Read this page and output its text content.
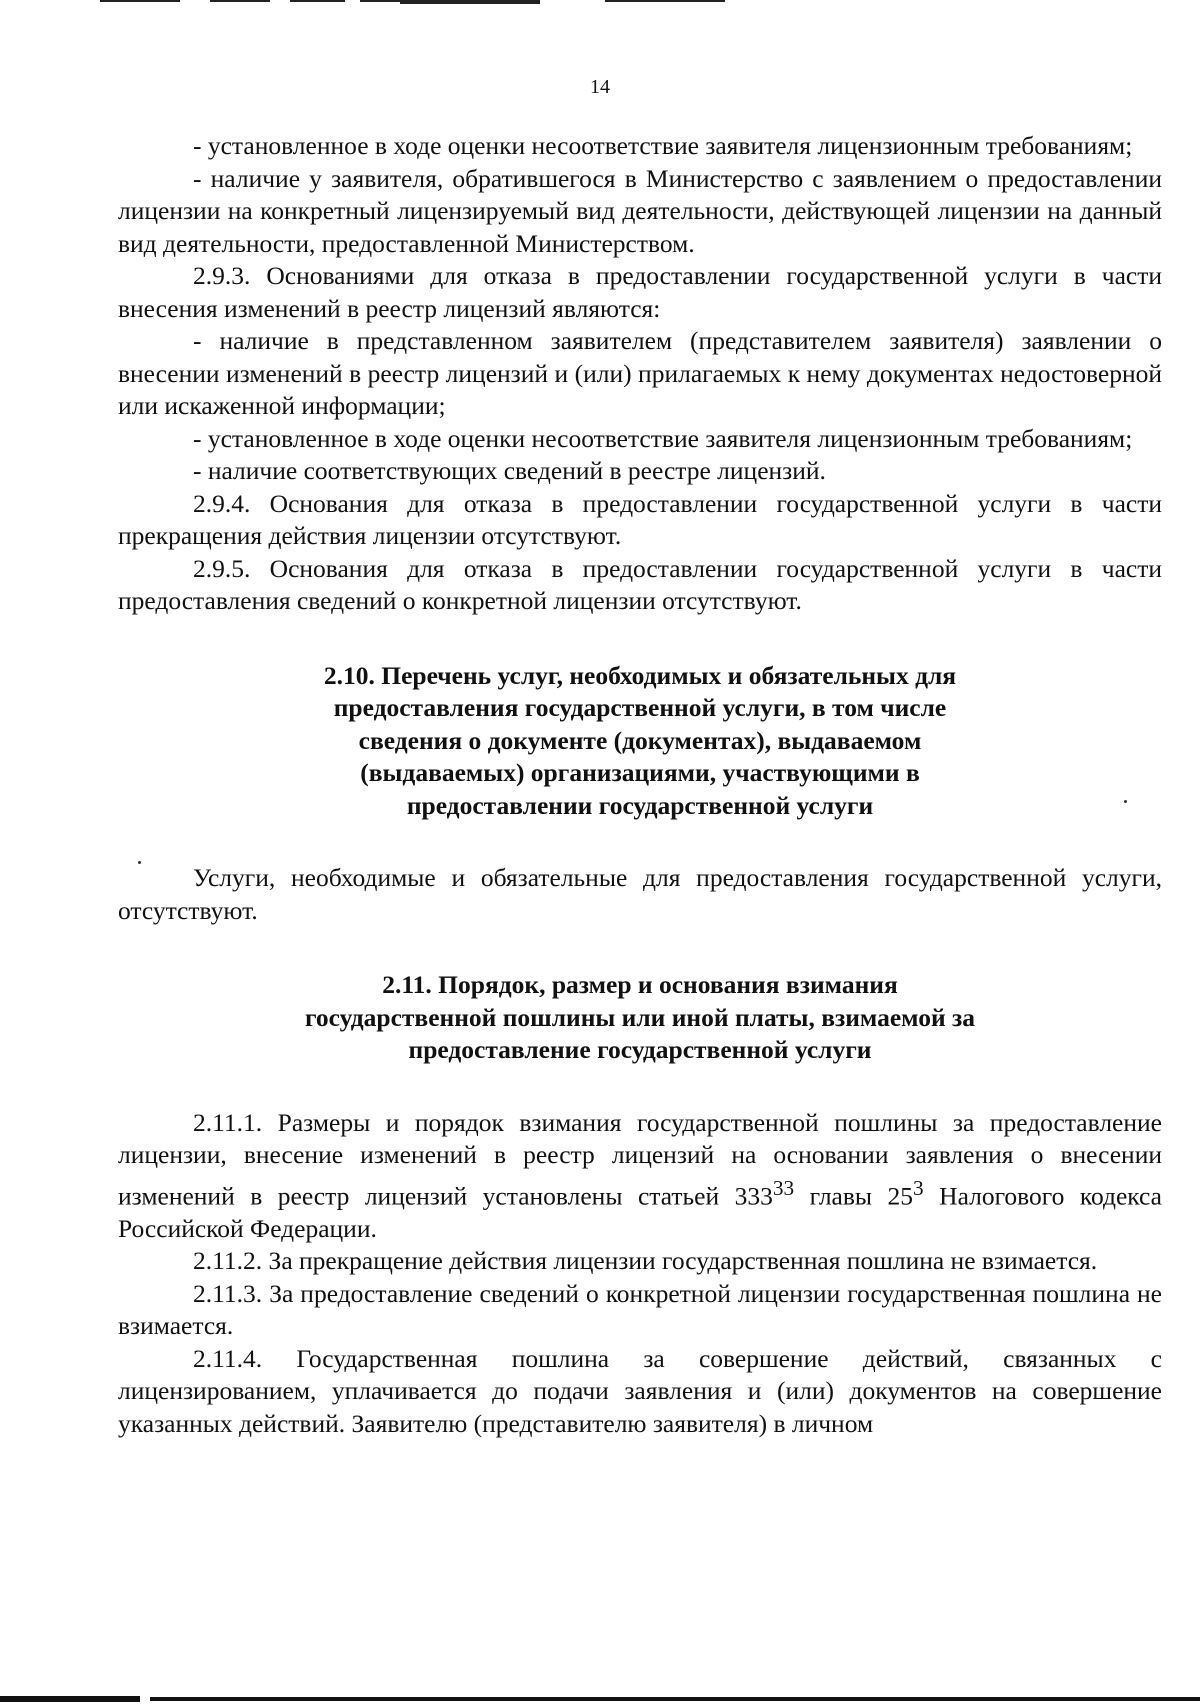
14

- установленное в ходе оценки несоответствие заявителя лицензионным требованиям;

- наличие у заявителя, обратившегося в Министерство с заявлением о предоставлении лицензии на конкретный лицензируемый вид деятельности, действующей лицензии на данный вид деятельности, предоставленной Министерством.

2.9.3. Основаниями для отказа в предоставлении государственной услуги в части внесения изменений в реестр лицензий являются:

- наличие в представленном заявителем (представителем заявителя) заявлении о внесении изменений в реестр лицензий и (или) прилагаемых к нему документах недостоверной или искаженной информации;

- установленное в ходе оценки несоответствие заявителя лицензионным требованиям;

- наличие соответствующих сведений в реестре лицензий.

2.9.4. Основания для отказа в предоставлении государственной услуги в части прекращения действия лицензии отсутствуют.

2.9.5. Основания для отказа в предоставлении государственной услуги в части предоставления сведений о конкретной лицензии отсутствуют.

2.10. Перечень услуг, необходимых и обязательных для предоставления государственной услуги, в том числе сведения о документе (документах), выдаваемом (выдаваемых) организациями, участвующими в предоставлении государственной услуги

Услуги, необходимые и обязательные для предоставления государственной услуги, отсутствуют.

2.11. Порядок, размер и основания взимания государственной пошлины или иной платы, взимаемой за предоставление государственной услуги

2.11.1. Размеры и порядок взимания государственной пошлины за предоставление лицензии, внесение изменений в реестр лицензий на основании заявления о внесении изменений в реестр лицензий установлены статьей $333^{33}$ главы $25^3$ Налогового кодекса Российской Федерации.

2.11.2. За прекращение действия лицензии государственная пошлина не взимается.

2.11.3. За предоставление сведений о конкретной лицензии государственная пошлина не взимается.

2.11.4. Государственная пошлина за совершение действий, связанных с лицензированием, уплачивается до подачи заявления и (или) документов на совершение указанных действий. Заявителю (представителю заявителя) в личном
